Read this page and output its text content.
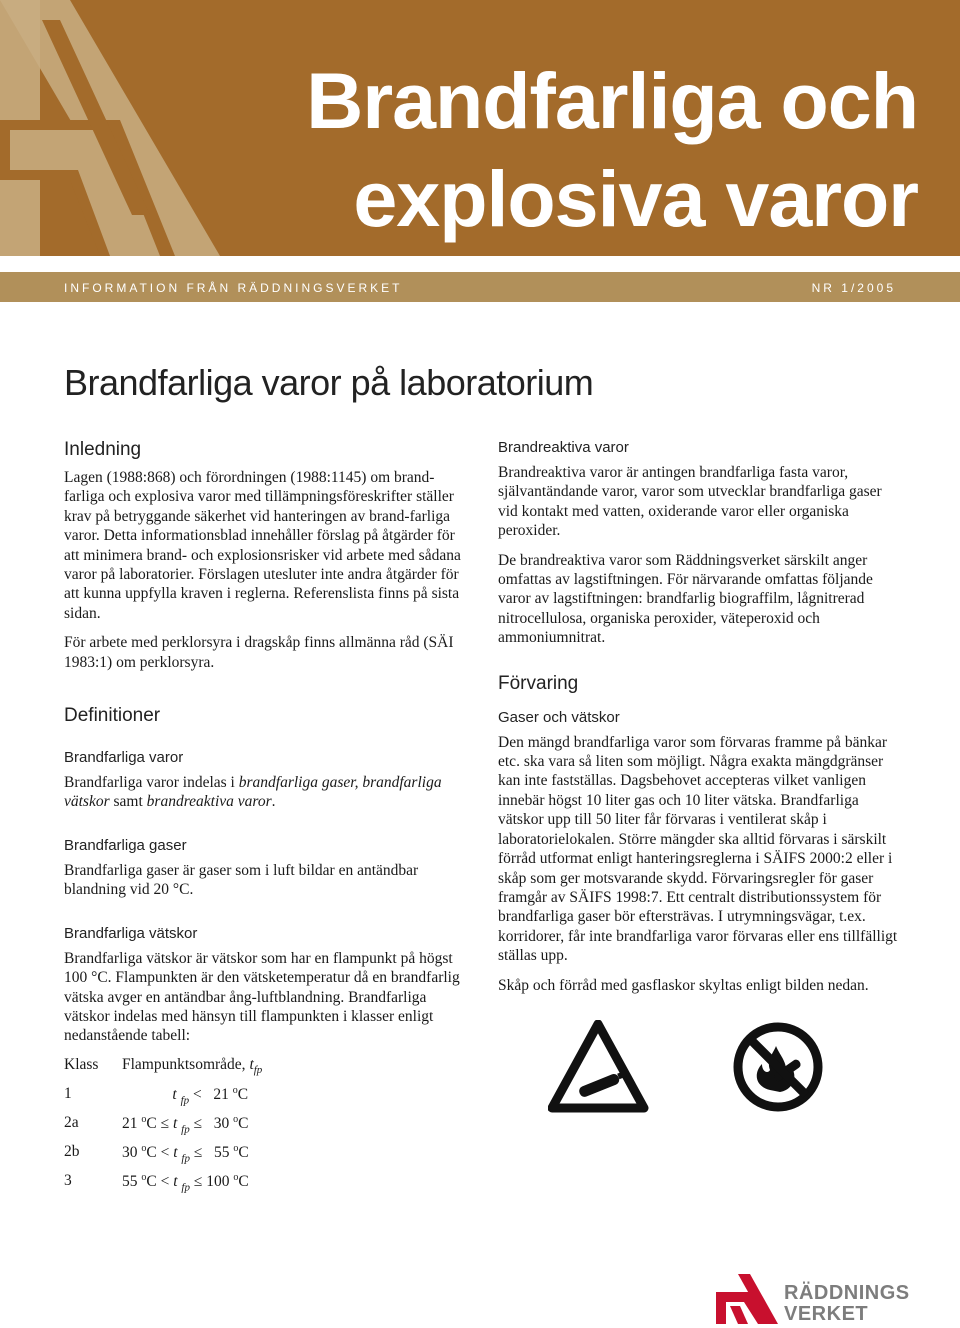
Brandfarliga och
explosiva varor
INFORMATION FRÅN RÄDDNINGSVERKET	NR 1/2005
Brandfarliga varor på laboratorium
Inledning

Lagen (1988:868) och förordningen (1988:1145) om brand-farliga och explosiva varor med tillämpningsföreskrifter ställer krav på betryggande säkerhet vid hanteringen av brand-farliga varor. Detta informationsblad innehåller förslag på åtgärder för att minimera brand- och explosionsrisker vid arbete med sådana varor på laboratorier. Förslagen utesluter inte andra åtgärder för att kunna uppfylla kraven i reglerna. Referenslista finns på sista sidan.

För arbete med perklorsyra i dragskåp finns allmänna råd (SÄI 1983:1) om perklorsyra.

Definitioner
Brandfarliga varor

Brandfarliga varor indelas i brandfarliga gaser, brandfarliga vätskor samt brandreaktiva varor.

Brandfarliga gaser

Brandfarliga gaser är gaser som i luft bildar en antändbar blandning vid 20 °C.

Brandfarliga vätskor

Brandfarliga vätskor är vätskor som har en flampunkt på högst 100 °C. Flampunkten är den vätsketemperatur då en brandfarlig vätska avger en antändbar ång-luftblandning. Brandfarliga vätskor indelas med hänsyn till flampunkten i klasser enligt nedanstående tabell:

Klass	Flampunktsområde, $t_{fp}$
1	t $_{fp}$ < 21 $^o$C
2a	21 $^o$C ≤ t $_{fp}$ ≤ 30 $^o$C
2b	30 $^o$C < t $_{fp}$ ≤ 55 $^o$C
3	55 $^o$C < t $_{fp}$ ≤ 100 $^o$C
Brandreaktiva varor

Brandreaktiva varor är antingen brandfarliga fasta varor, självantändande varor, varor som utvecklar brandfarliga gaser vid kontakt med vatten, oxiderande varor eller organiska peroxider.

De brandreaktiva varor som Räddningsverket särskilt anger omfattas av lagstiftningen. För närvarande omfattas följande varor av lagstiftningen: brandfarlig biograffilm, lågnitrerad nitrocellulosa, organiska peroxider, väteperoxid och ammoniumnitrat.

Förvaring
Gaser och vätskor

Den mängd brandfarliga varor som förvaras framme på bänkar etc. ska vara så liten som möjligt. Några exakta mängdgränser kan inte fastställas. Dagsbehovet accepteras vilket vanligen innebär högst 10 liter gas och 10 liter vätska. Brandfarliga vätskor upp till 50 liter får förvaras i ventilerat skåp i laboratorielokalen. Större mängder ska alltid förvaras i särskilt förråd utformat enligt hanteringsreglerna i SÄIFS 2000:2 eller i skåp som ger motsvarande skydd. Förvaringsregler för gaser framgår av SÄIFS 1998:7. Ett centralt distributionssystem för brandfarliga gaser bör eftersträvas. I utrymningsvägar, t.ex. korridorer, får inte brandfarliga varor förvaras eller ens tillfälligt ställas upp.

Skåp och förråd med gasflaskor skyltas enligt bilden nedan.

RÄDDNINGS
VERKET
